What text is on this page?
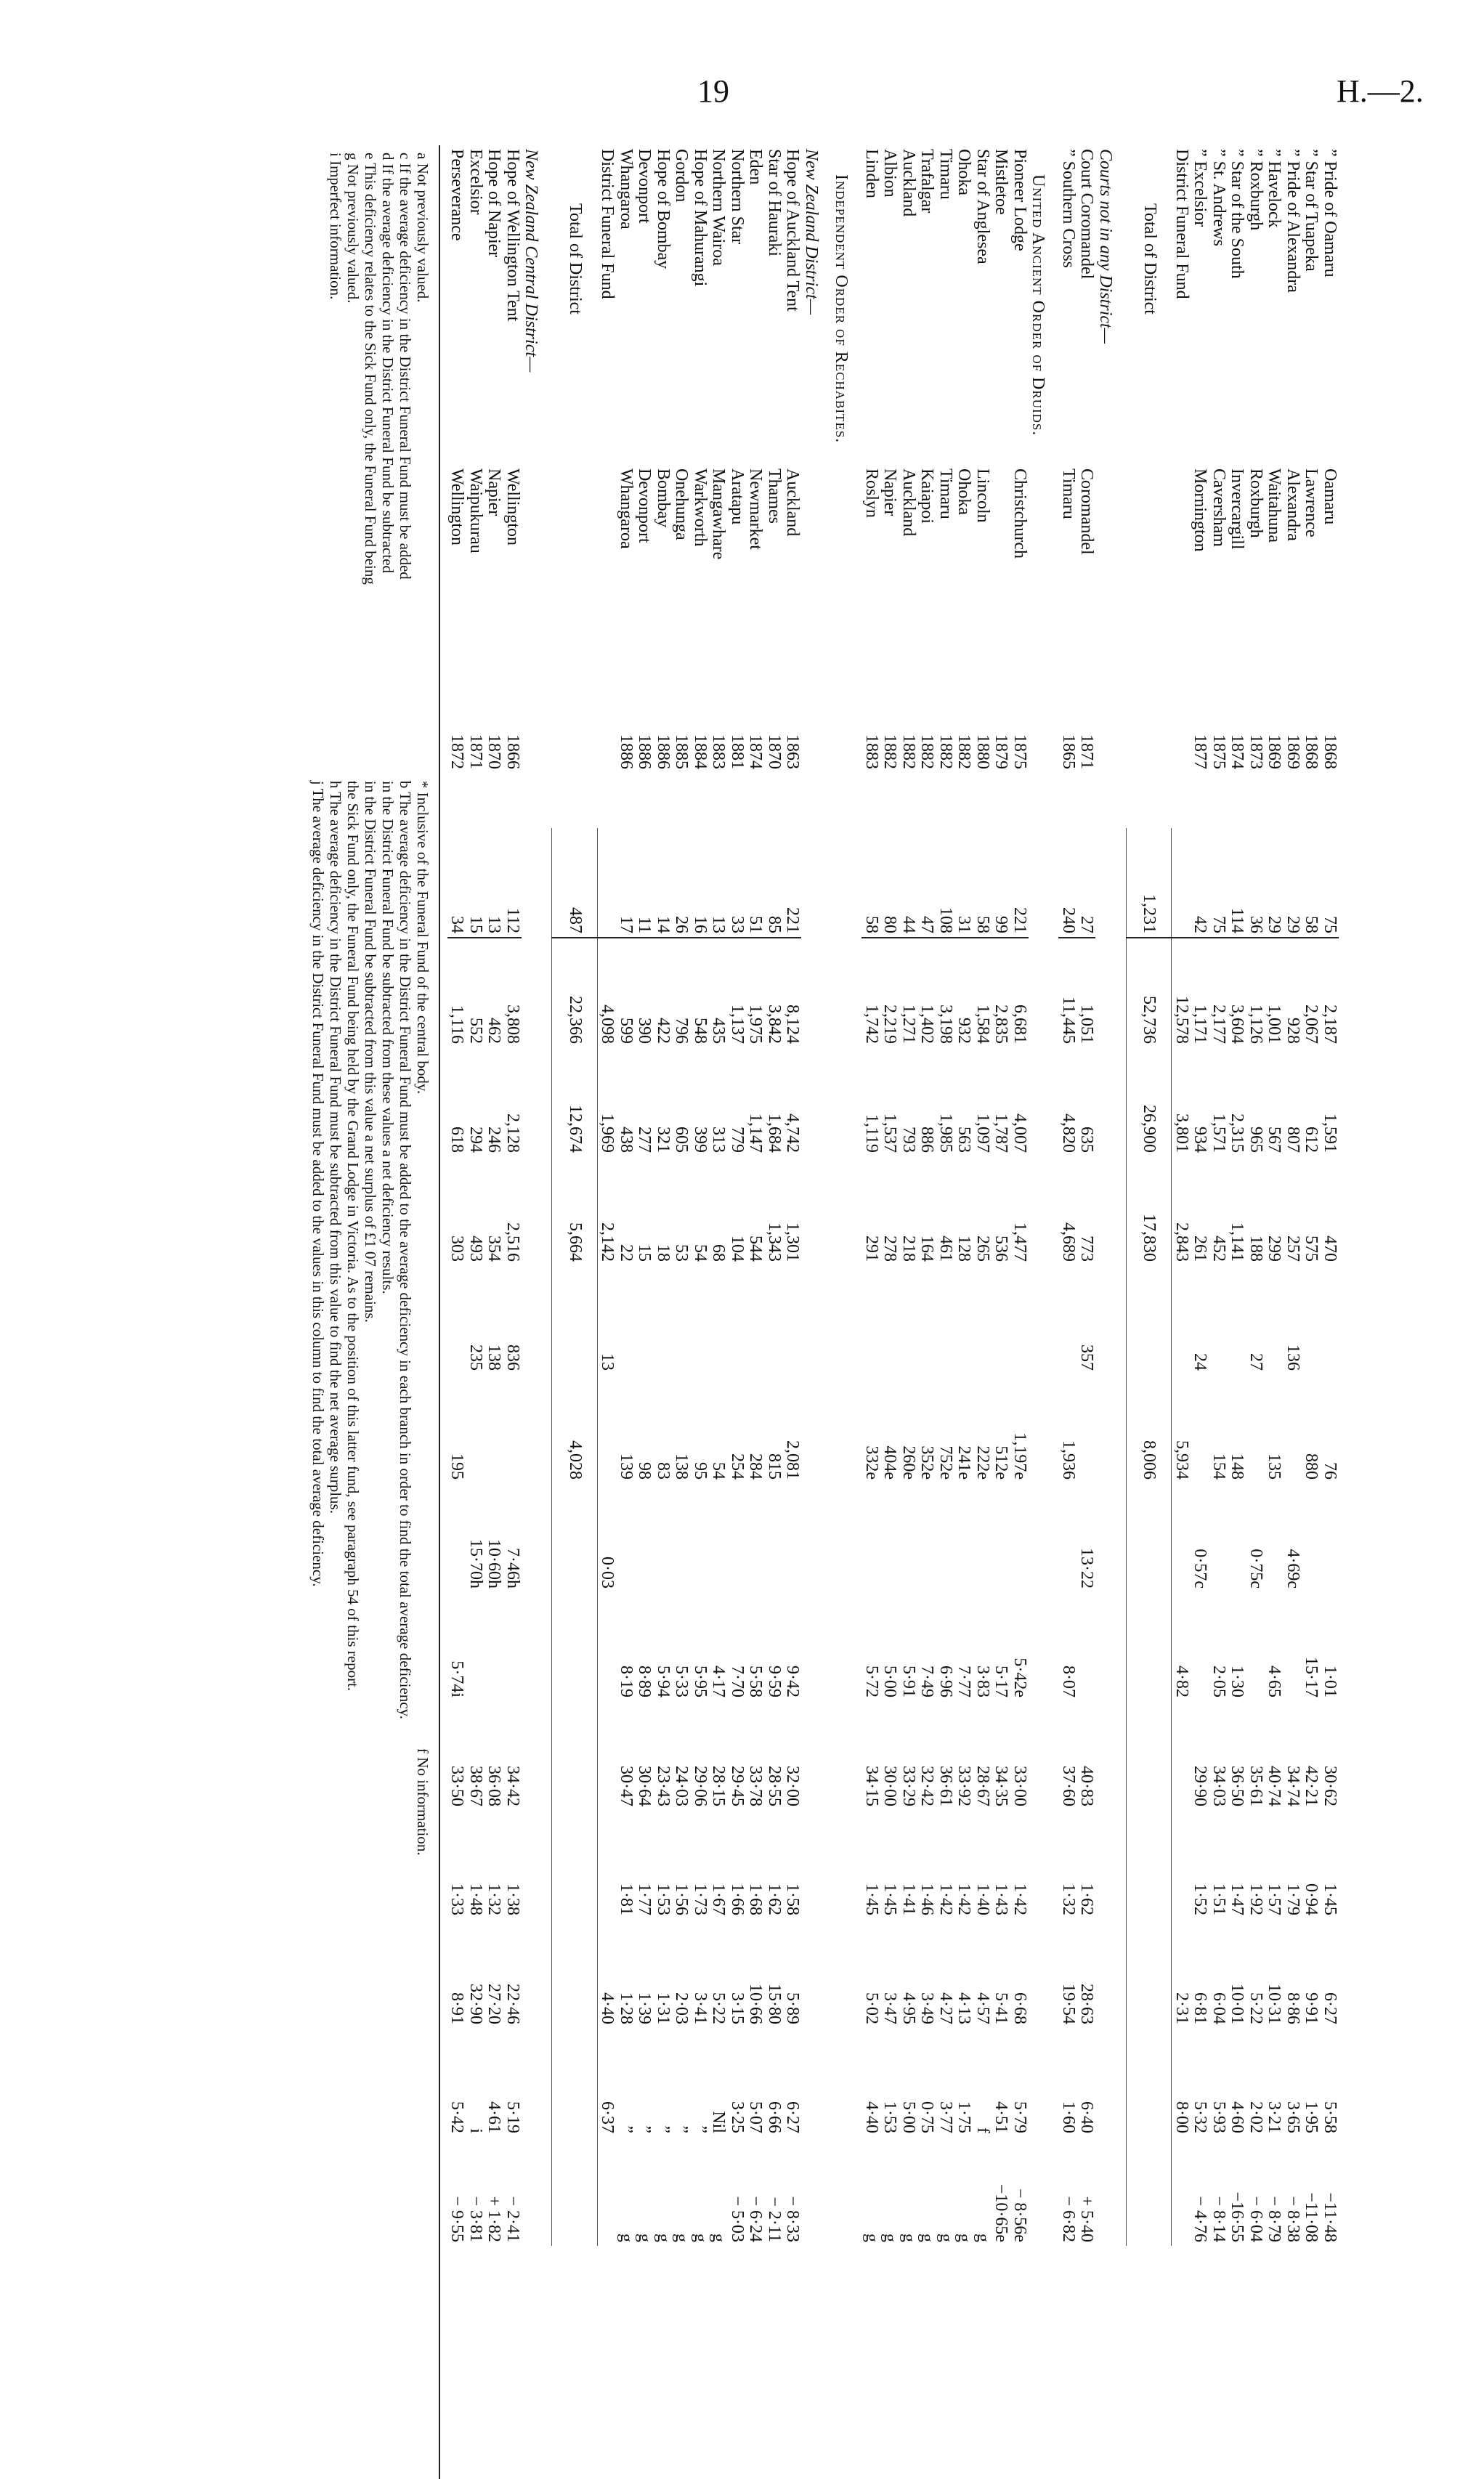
19	H.—2.
” Pride of Oamaru	Oamaru	1868		75	2,187	1,591	470		76		1·01	30·62	1·45	6·27	5·58	−11·48
” Star of Tuapeka	Lawrence	1868		58	2,067	612	575		880		15·17	42·21	0·94	9·91	1·95	−11·08
” Pride of Alexandra	Alexandra	1869		29	928	807	257	136		4·69c		34·74	1·79	8·86	3·65	− 8·38
” Havelock	Waitahuna	1869		29	1,001	567	299		135		4·65	40·74	1·57	10·31	3·21	− 8·79
” Roxburgh	Roxburgh	1873		36	1,126	965	188	27		0·75c		35·61	1·92	5·22	2·02	− 6·04
” Star of the South	Invercargill	1874		114	3,604	2,315	1,141		148		1·30	36·50	1·47	10·01	4·60	−16·55
” St. Andrews	Caversham	1875		75	2,177	1,571	452		154		2·05	34·03	1·51	6·04	5·93	− 8·14
” Excelsior	Mornington	1877		42	1,171	934	261	24		0·57c		29·90	1·52	6·81	5·32	− 4·76
District Funeral Fund					12,578	3,801	2,843		5,934		4·82			2·31	8·00	
Total of District				1,231	52,736	26,900	17,830		8,006							
Courts not in any District—																
Court Coromandel	Coromandel	1871		27	1,051	635	773	357		13·22		40·83	1·62	28·63	6·40	+ 5·40
” Southern Cross	Timaru	1865		240	11,445	4,820	4,689		1,936		8·07	37·60	1·32	19·54	1·60	− 6·82
United Ancient Order of Druids.																
Pioneer Lodge	Christchurch	1875		221	6,681	4,007	1,477		1,197e		5·42e	33·00	1·42	6·68	5·79	− 8·56e
Mistletoe		1879		99	2,835	1,787	536		512e		5·17	34·35	1·43	5·41	4·51	−10·65e
Star of Anglesea	Lincoln	1880		58	1,584	1,097	265		222e		3·83	28·67	1·40	4·57	f	g
Ohoka	Ohoka	1882		31	932	563	128		241e		7·77	33·92	1·42	4·13	1·75	g
Timaru	Timaru	1882		108	3,198	1,985	461		752e		6·96	36·61	1·42	4·27	3·77	g
Trafalgar	Kaiapoi	1882		47	1,402	886	164		352e		7·49	32·42	1·46	3·49	0·75	g
Auckland	Auckland	1882		44	1,271	793	218		260e		5·91	33·29	1·41	4·95	5·00	g
Albion	Napier	1882		80	2,219	1,537	278		404e		5·00	30·00	1·45	3·47	1·53	g
Linden	Roslyn	1883		58	1,742	1,119	291		332e		5·72	34·15	1·45	5·02	4·40	g
Independent Order of Rechabites.																
New Zealand District—																
Hope of Auckland Tent	Auckland	1863		221	8,124	4,742	1,301		2,081		9·42	32·00	1·58	5·89	6·27	− 8·33
Star of Hauraki	Thames	1870		85	3,842	1,684	1,343		815		9·59	28·55	1·62	15·80	6·66	− 2·11
Eden	Newmarket	1874		51	1,975	1,147	544		284		5·58	33·78	1·68	10·66	5·07	− 6·24
Northern Star	Aratapu	1881		33	1,137	779	104		254		7·70	29·45	1·66	3·15	3·25	− 5·03
Northern Wairoa	Mangawhare	1883		13	435	313	68		54		4·17	28·15	1·67	5·22	Nil	g
Hope of Mahurangi	Warkworth	1884		16	548	399	54		95		5·95	29·06	1·73	3·41	”	g
Gordon	Onehunga	1885		26	796	605	53		138		5·33	24·03	1·56	2·03	”	g
Hope of Bombay	Bombay	1886		14	422	321	18		83		5·94	23·43	1·53	1·31	”	g
Devonport	Devonport	1886		11	390	277	15		98		8·89	30·64	1·77	1·39	”	g
Whangaroa	Whangaroa	1886		17	599	438	22		139		8·19	30·47	1·81	1·28	”	g
District Funeral Fund					4,098	1,969	2,142	13		0·03				4·40	6·37	
Total of District				487	22,366	12,674	5,664		4,028							
New Zealand Central District—																
Hope of Wellington Tent	Wellington	1866		112	3,808	2,128	2,516	836		7·46h		34·42	1·38	22·46	5·19	− 2·41
Hope of Napier	Napier	1870		13	462	246	354	138		10·60h		36·08	1·32	27·20	4·61	+ 1·82
Excelsior	Waipukurau	1871		15	552	294	493	235		15·70h		38·67	1·48	32·90	i	− 3·81
Perseverance	Wellington	1872		34	1,116	618	303		195		5·74i	33·50	1·33	8·91	5·42	− 9·55
a Not previously valued.
c If the average deficiency in the District Funeral Fund must be added
d If the average deficiency in the District Funeral Fund be subtracted
e This deficiency relates to the Sick Fund only, the Funeral Fund being
g Not previously valued.
i Imperfect information.
* Inclusive of the Funeral Fund of the central body.
b The average deficiency in the District Funeral Fund must be added to the average deficiency in each branch in order to find the total average deficiency.
in the District Funeral Fund be subtracted from these values a net deficiency results.
in the District Funeral Fund be subtracted from this value a net surplus of £1 07 remains.
the Sick Fund only, the Funeral Fund being held by the Grand Lodge in Victoria. As to the position of this latter fund, see paragraph 54 of this report.
h The average deficiency in the District Funeral Fund must be subtracted from this value to find the net average surplus.
j The average deficiency in the District Funeral Fund must be added to the values in this column to find the total average deficiency.
f No information.
